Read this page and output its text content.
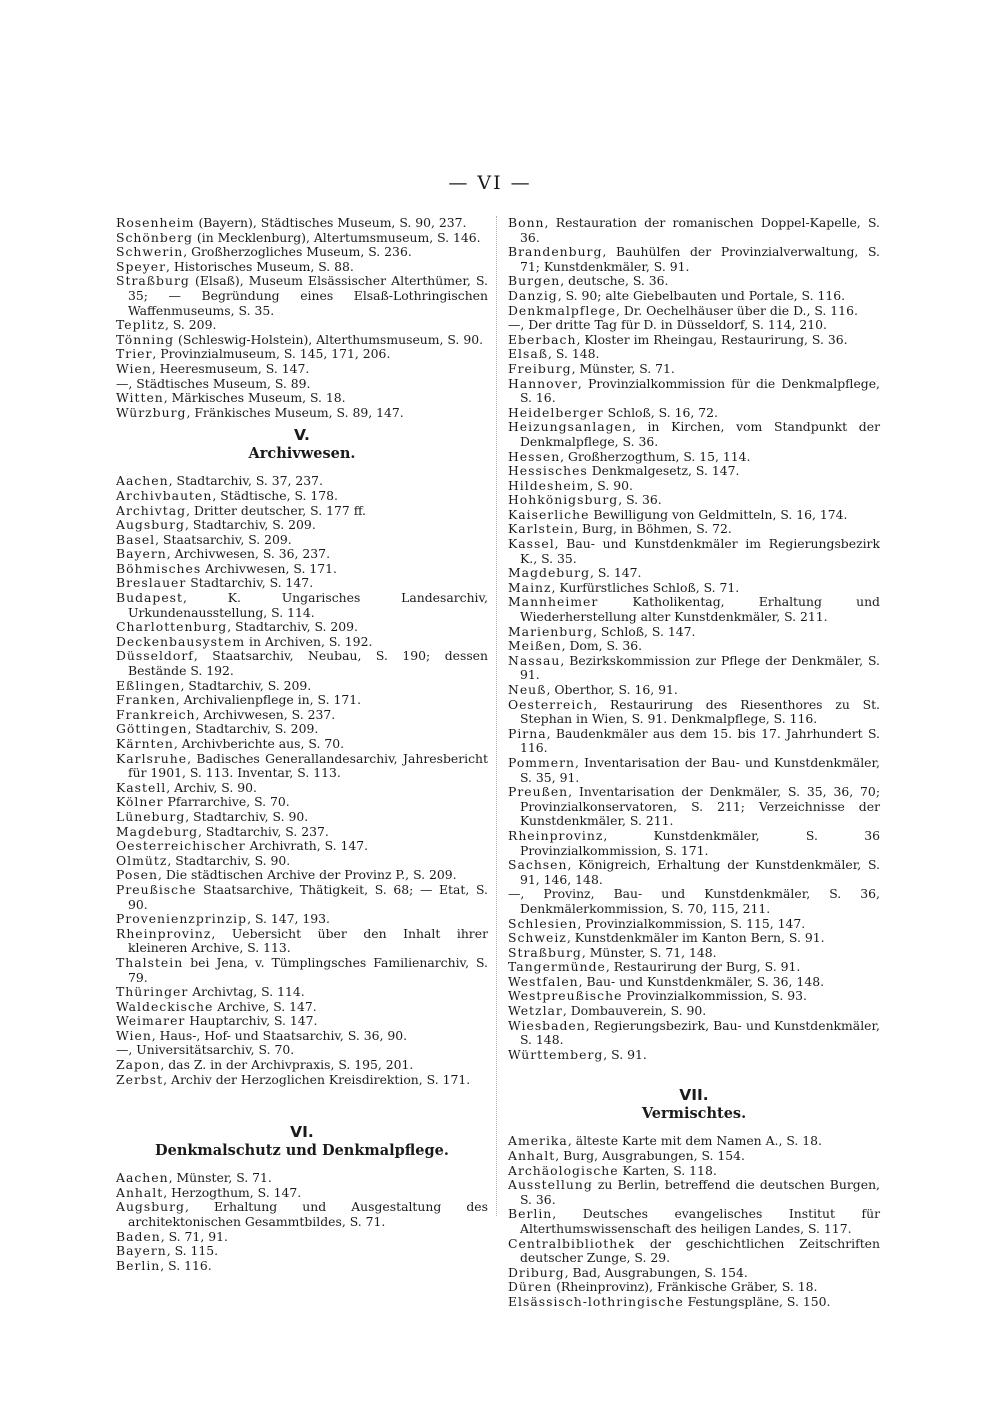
— VI —
Rosenheim (Bayern), Städtisches Museum, S. 90, 237.
Schönberg (in Mecklenburg), Altertumsmuseum, S. 146.
Schwerin, Großherzogliches Museum, S. 236.
Speyer, Historisches Museum, S. 88.
Straßburg (Elsaß), Museum Elsässischer Alterthümer, S. 35; — Begründung eines Elsaß-Lothringischen Waffenmuseums, S. 35.
Teplitz, S. 209.
Tönning (Schleswig-Holstein), Alterthumsmuseum, S. 90.
Trier, Provinzialmuseum, S. 145, 171, 206.
Wien, Heeresmuseum, S. 147.
—, Städtisches Museum, S. 89.
Witten, Märkisches Museum, S. 18.
Würzburg, Fränkisches Museum, S. 89, 147.
V.
Archivwesen.
Aachen, Stadtarchiv, S. 37, 237.
Archivbauten, Städtische, S. 178.
Archivtag, Dritter deutscher, S. 177 ff.
Augsburg, Stadtarchiv, S. 209.
Basel, Staatsarchiv, S. 209.
Bayern, Archivwesen, S. 36, 237.
Böhmisches Archivwesen, S. 171.
Breslauer Stadtarchiv, S. 147.
Budapest, K. Ungarisches Landesarchiv, Urkundenausstellung, S. 114.
Charlottenburg, Stadtarchiv, S. 209.
Deckenbausystem in Archiven, S. 192.
Düsseldorf, Staatsarchiv, Neubau, S. 190; dessen Bestände S. 192.
Eßlingen, Stadtarchiv, S. 209.
Franken, Archivalienpflege in, S. 171.
Frankreich, Archivwesen, S. 237.
Göttingen, Stadtarchiv, S. 209.
Kärnten, Archivberichte aus, S. 70.
Karlsruhe, Badisches Generallandesarchiv, Jahresbericht für 1901, S. 113. Inventar, S. 113.
Kastell, Archiv, S. 90.
Kölner Pfarrarchive, S. 70.
Lüneburg, Stadtarchiv, S. 90.
Magdeburg, Stadtarchiv, S. 237.
Oesterreichischer Archivrath, S. 147.
Olmütz, Stadtarchiv, S. 90.
Posen, Die städtischen Archive der Provinz P., S. 209.
Preußische Staatsarchive, Thätigkeit, S. 68; — Etat, S. 90.
Provenienzprinzip, S. 147, 193.
Rheinprovinz, Uebersicht über den Inhalt ihrer kleineren Archive, S. 113.
Thalstein bei Jena, v. Tümplingsches Familienarchiv, S. 79.
Thüringer Archivtag, S. 114.
Waldeckische Archive, S. 147.
Weimarer Hauptarchiv, S. 147.
Wien, Haus-, Hof- und Staatsarchiv, S. 36, 90.
—, Universitätsarchiv, S. 70.
Zapon, das Z. in der Archivpraxis, S. 195, 201.
Zerbst, Archiv der Herzoglichen Kreisdirektion, S. 171.
VI.
Denkmalschutz und Denkmalpflege.
Aachen, Münster, S. 71.
Anhalt, Herzogthum, S. 147.
Augsburg, Erhaltung und Ausgestaltung des architektonischen Gesammtbildes, S. 71.
Baden, S. 71, 91.
Bayern, S. 115.
Berlin, S. 116.
Bonn, Restauration der romanischen Doppel-Kapelle, S. 36.
Brandenburg, Bauhülfen der Provinzialverwaltung, S. 71; Kunstdenkmäler, S. 91.
Burgen, deutsche, S. 36.
Danzig, S. 90; alte Giebelbauten und Portale, S. 116.
Denkmalpflege, Dr. Oechelhäuser über die D., S. 116.
—, Der dritte Tag für D. in Düsseldorf, S. 114, 210.
Eberbach, Kloster im Rheingau, Restaurirung, S. 36.
Elsaß, S. 148.
Freiburg, Münster, S. 71.
Hannover, Provinzialkommission für die Denkmalpflege, S. 16.
Heidelberger Schloß, S. 16, 72.
Heizungsanlagen, in Kirchen, vom Standpunkt der Denkmalpflege, S. 36.
Hessen, Großherzogthum, S. 15, 114.
Hessisches Denkmalgesetz, S. 147.
Hildesheim, S. 90.
Hohkönigsburg, S. 36.
Kaiserliche Bewilligung von Geldmitteln, S. 16, 174.
Karlstein, Burg, in Böhmen, S. 72.
Kassel, Bau- und Kunstdenkmäler im Regierungsbezirk K., S. 35.
Magdeburg, S. 147.
Mainz, Kurfürstliches Schloß, S. 71.
Mannheimer Katholikentag, Erhaltung und Wiederherstellung alter Kunstdenkmäler, S. 211.
Marienburg, Schloß, S. 147.
Meißen, Dom, S. 36.
Nassau, Bezirkskommission zur Pflege der Denkmäler, S. 91.
Neuß, Oberthor, S. 16, 91.
Oesterreich, Restaurirung des Riesenthores zu St. Stephan in Wien, S. 91. Denkmalpflege, S. 116.
Pirna, Baudenkmäler aus dem 15. bis 17. Jahrhundert S. 116.
Pommern, Inventarisation der Bau- und Kunstdenkmäler, S. 35, 91.
Preußen, Inventarisation der Denkmäler, S. 35, 36, 70; Provinzialkonservatoren, S. 211; Verzeichnisse der Kunstdenkmäler, S. 211.
Rheinprovinz, Kunstdenkmäler, S. 36 Provinzialkommission, S. 171.
Sachsen, Königreich, Erhaltung der Kunstdenkmäler, S. 91, 146, 148.
—, Provinz, Bau- und Kunstdenkmäler, S. 36, Denkmälerkommission, S. 70, 115, 211.
Schlesien, Provinzialkommission, S. 115, 147.
Schweiz, Kunstdenkmäler im Kanton Bern, S. 91.
Straßburg, Münster, S. 71, 148.
Tangermünde, Restaurirung der Burg, S. 91.
Westfalen, Bau- und Kunstdenkmäler, S. 36, 148.
Westpreußische Provinzialkommission, S. 93.
Wetzlar, Dombauverein, S. 90.
Wiesbaden, Regierungsbezirk, Bau- und Kunstdenkmäler, S. 148.
Württemberg, S. 91.
VII.
Vermischtes.
Amerika, älteste Karte mit dem Namen A., S. 18.
Anhalt, Burg, Ausgrabungen, S. 154.
Archäologische Karten, S. 118.
Ausstellung zu Berlin, betreffend die deutschen Burgen, S. 36.
Berlin, Deutsches evangelisches Institut für Alterthumswissenschaft des heiligen Landes, S. 117.
Centralbibliothek der geschichtlichen Zeitschriften deutscher Zunge, S. 29.
Driburg, Bad, Ausgrabungen, S. 154.
Düren (Rheinprovinz), Fränkische Gräber, S. 18.
Elsässisch-lothringische Festungspläne, S. 150.
